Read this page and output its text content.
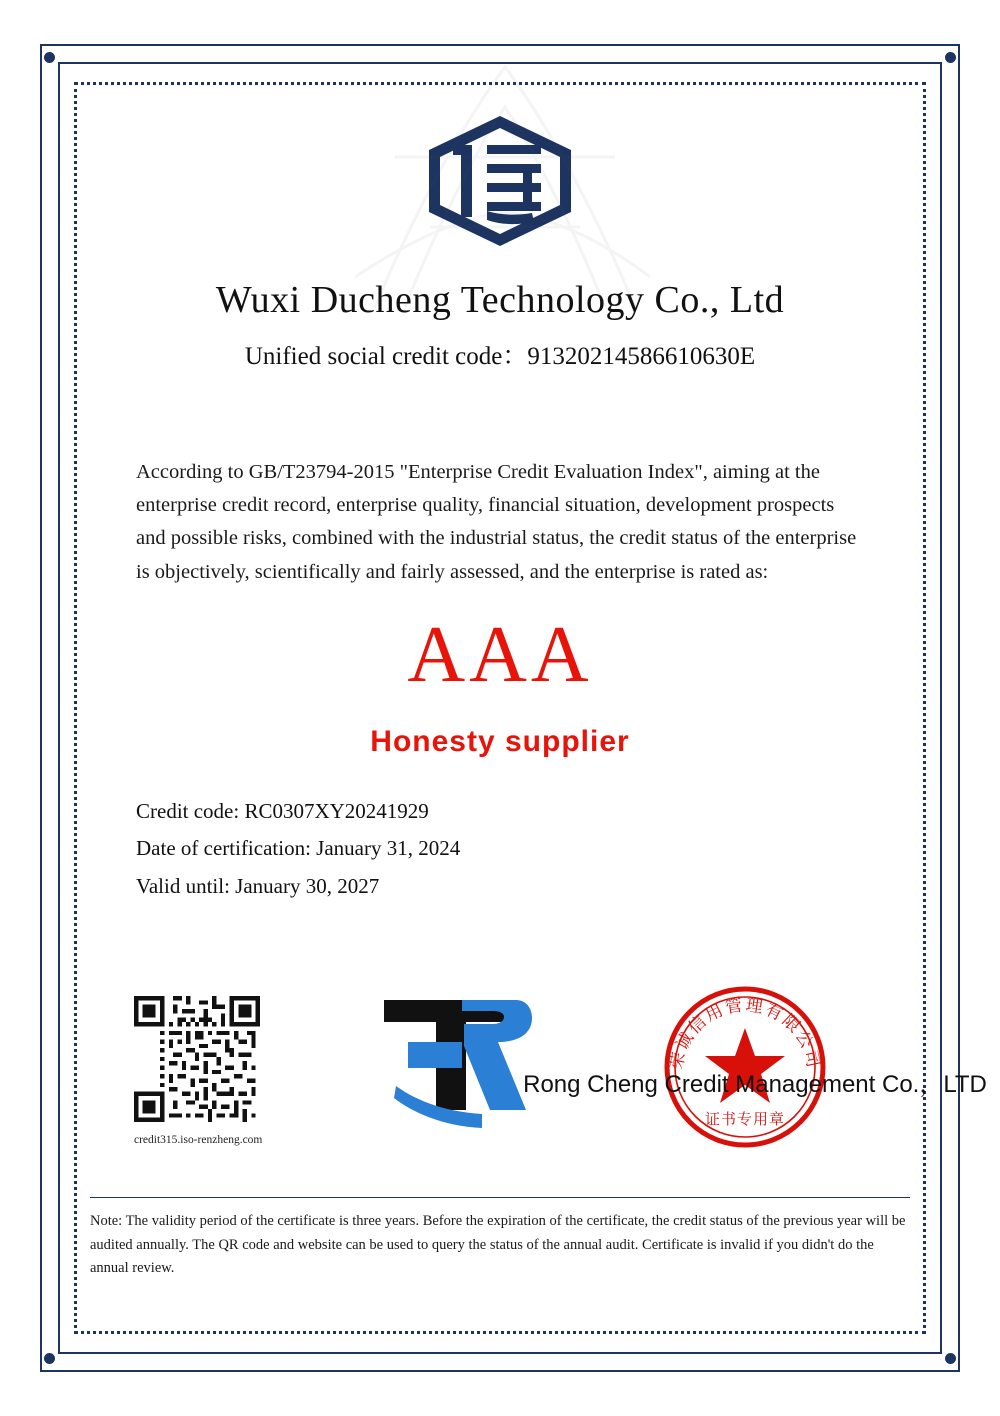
Wuxi Ducheng Technology Co., Ltd
Unified social credit code：91320214586610630E
According to GB/T23794-2015 "Enterprise Credit Evaluation Index", aiming at the enterprise credit record, enterprise quality, financial situation, development prospects and possible risks, combined with the industrial status, the credit status of the enterprise is objectively, scientifically and fairly assessed, and the enterprise is rated as:
AAA
Honesty supplier
Credit code: RC0307XY20241929
Date of certification: January 31, 2024
Valid until: January 30, 2027
credit315.iso-renzheng.com
荣诚信用管理有限公司
证书专用章
Rong Cheng Credit Management Co.，LTD
Note: The validity period of the certificate is three years. Before the expiration of the certificate, the credit status of the previous year will be audited annually. The QR code and website can be used to query the status of the annual audit. Certificate is invalid if you didn't do the annual review.
